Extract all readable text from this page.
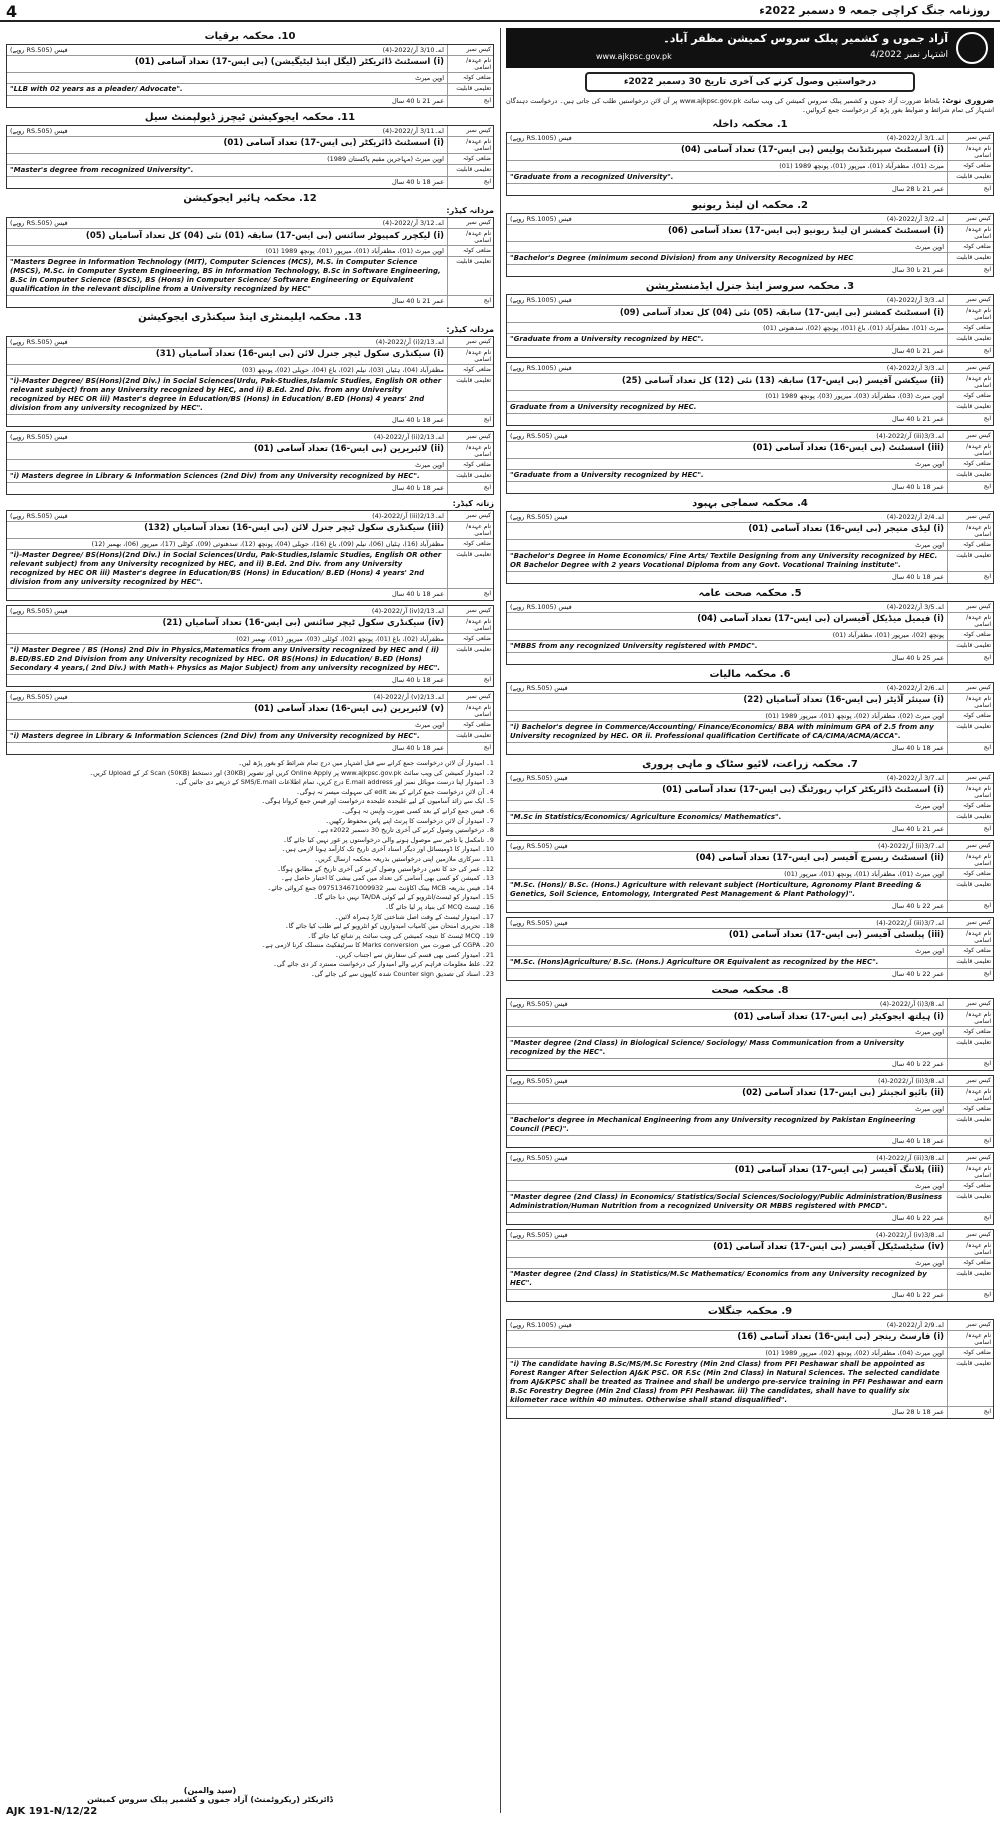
4	روزنامہ جنگ کراچی جمعہ 9 دسمبر 2022ء
آزاد جموں و کشمیر پبلک سروس کمیشن مظفر آباد۔
اشتہار نمبر 4/2022
www.ajkpsc.gov.pk
درخواستیں وصول کرنے کی آخری تاریخ 30 دسمبر 2022ء
ضروری نوٹ: بلحاظ ضرورت آزاد جموں و کشمیر پبلک سروس کمیشن کی ویب سائٹ www.ajkpsc.gov.pk پر آن لائن درخواستیں طلب کی جاتی ہیں۔ درخواست دہندگان اشتہار کی تمام شرائط و ضوابط بغور پڑھ کر درخواست جمع کروائیں۔
1. محکمہ داخلہ
کیس نمبر
اے۔3/1 آر/2022-(4)
فیس (RS.1005 روپے)
نام عہدہ/اسامی
(i) اسسٹنٹ سپرنٹنڈنٹ پولیس (بی ایس-17) تعداد آسامی (04)
ضلعی کوٹہ
میرٹ (01)، مظفرآباد (01)، میرپور (01)، پونچھ 1989 (01)
تعلیمی قابلیت
"Graduate from a recognized University".
ایج
عمر 21 تا 28 سال
2. محکمہ ان لینڈ ریونیو
کیس نمبر
اے۔3/2 آر/2022-(4)
فیس (RS.1005 روپے)
نام عہدہ/اسامی
(i) اسسٹنٹ کمشنر ان لینڈ ریونیو (بی ایس-17) تعداد آسامی (06)
ضلعی کوٹہ
اوپن میرٹ
تعلیمی قابلیت
"Bachelor's Degree (minimum second Division) from any University Recognized by HEC
ایج
عمر 21 تا 30 سال
3. محکمہ سروسز اینڈ جنرل ایڈمنسٹریشن
کیس نمبر
اے۔3/3 آر/2022-(4)
فیس (RS.1005 روپے)
نام عہدہ/اسامی
(i) اسسٹنٹ کمشنر (بی ایس-17) سابقہ (05) نئی (04) کل تعداد آسامی (09)
ضلعی کوٹہ
میرٹ (01)، مظفرآباد (01)، باغ (01)، پونچھ (02)، سدھنوتی (01)
تعلیمی قابلیت
"Graduate from a University recognized by HEC".
ایج
عمر 21 تا 40 سال
کیس نمبر
اے۔3/3 آر/2022-(4)
فیس (RS.1005 روپے)
نام عہدہ/اسامی
(ii) سیکشن آفیسر (بی ایس-17) سابقہ (13) نئی (12) کل تعداد آسامی (25)
ضلعی کوٹہ
اوپن میرٹ (03)، مظفرآباد (03)، میرپور (03)، پونچھ 1989 (01)
تعلیمی قابلیت
Graduate from a University recognized by HEC.
ایج
عمر 21 تا 40 سال
کیس نمبر
اے۔3/3(iii) آر/2022-(4)
فیس (RS.505 روپے)
نام عہدہ/اسامی
(iii) اسسٹنٹ (بی ایس-16) تعداد آسامی (01)
ضلعی کوٹہ
اوپن میرٹ
تعلیمی قابلیت
"Graduate from a University recognized by HEC".
ایج
عمر 18 تا 40 سال
4. محکمہ سماجی بہبود
کیس نمبر
اے۔2/4 آر/2022-(4)
فیس (RS.505 روپے)
نام عہدہ/اسامی
(i) لیڈی منیجر (بی ایس-16) تعداد آسامی (01)
ضلعی کوٹہ
اوپن میرٹ
تعلیمی قابلیت
"Bachelor's Degree in Home Economics/ Fine Arts/ Textile Designing from any University recognized by HEC. OR Bachelor Degree with 2 years Vocational Diploma from any Govt. Vocational Training institute".
ایج
عمر 18 تا 40 سال
5. محکمہ صحت عامہ
کیس نمبر
اے۔3/5 آر/2022-(4)
فیس (RS.1005 روپے)
نام عہدہ/اسامی
(i) فیمیل میڈیکل آفیسران (بی ایس-17) تعداد آسامی (04)
ضلعی کوٹہ
پونچھ (02)، میرپور (01)، مظفرآباد (01)
تعلیمی قابلیت
"MBBS from any recognized University registered with PMDC".
ایج
عمر 25 تا 40 سال
6. محکمہ مالیات
کیس نمبر
اے۔2/6 آر/2022-(4)
فیس (RS.505 روپے)
نام عہدہ/اسامی
(i) سینئر آڈیٹر (بی ایس-16) تعداد آسامیاں (22)
ضلعی کوٹہ
اوپن میرٹ (02)، مظفرآباد (02)، پونچھ (01)، میرپور 1989 (01)
تعلیمی قابلیت
"i) Bachelor's degree in Commerce/Accounting/ Finance/Economics/ BBA with minimum GPA of 2.5 from any University recognized by HEC. OR ii. Professional qualification Certificate of CA/CIMA/ACMA/ACCA".
ایج
عمر 18 تا 40 سال
7. محکمہ زراعت، لائیو سٹاک و ماہی پروری
کیس نمبر
اے۔3/7 آر/2022-(4)
فیس (RS.505 روپے)
نام عہدہ/اسامی
(i) اسسٹنٹ ڈائریکٹر کراپ رپورٹنگ (بی ایس-17) تعداد آسامی (01)
ضلعی کوٹہ
اوپن میرٹ
تعلیمی قابلیت
"M.Sc in Statistics/Economics/ Agriculture Economics/ Mathematics".
ایج
عمر 21 تا 40 سال
کیس نمبر
اے۔3/7(ii) آر/2022-(4)
فیس (RS.505 روپے)
نام عہدہ/اسامی
(ii) اسسٹنٹ ریسرچ آفیسر (بی ایس-17) تعداد آسامی (04)
ضلعی کوٹہ
اوپن میرٹ (01)، مظفرآباد (01)، پونچھ (01)، میرپور (01)
تعلیمی قابلیت
"M.Sc. (Hons)/ B.Sc. (Hons.) Agriculture with relevant subject (Horticulture, Agronomy Plant Breeding & Genetics, Soil Science, Entomology, Intergrated Pest Management & Plant Pathology)".
ایج
عمر 22 تا 40 سال
کیس نمبر
اے۔3/7(iii) آر/2022-(4)
فیس (RS.505 روپے)
نام عہدہ/اسامی
(iii) پبلسٹی آفیسر (بی ایس-17) تعداد آسامی (01)
ضلعی کوٹہ
اوپن میرٹ
تعلیمی قابلیت
"M.Sc. (Hons)Agriculture/ B.Sc. (Hons.) Agriculture OR Equivalent as recognized by the HEC".
ایج
عمر 22 تا 40 سال
8. محکمہ صحت
کیس نمبر
اے۔3/8(i) آر/2022-(4)
فیس (RS.505 روپے)
نام عہدہ/اسامی
(i) ہیلتھ ایجوکیٹر (بی ایس-17) تعداد آسامی (01)
ضلعی کوٹہ
اوپن میرٹ
تعلیمی قابلیت
"Master degree (2nd Class) in Biological Science/ Sociology/ Mass Communication from a University recognized by the HEC".
ایج
عمر 22 تا 40 سال
کیس نمبر
اے۔3/8(ii) آر/2022-(4)
فیس (RS.505 روپے)
نام عہدہ/اسامی
(ii) بائیو انجینئر (بی ایس-17) تعداد آسامی (02)
ضلعی کوٹہ
اوپن میرٹ
تعلیمی قابلیت
"Bachelor's degree in Mechanical Engineering from any University recognized by Pakistan Engineering Council (PEC)".
ایج
عمر 18 تا 40 سال
کیس نمبر
اے۔3/8(iii) آر/2022-(4)
فیس (RS.505 روپے)
نام عہدہ/اسامی
(iii) پلاننگ آفیسر (بی ایس-17) تعداد آسامی (01)
ضلعی کوٹہ
اوپن میرٹ
تعلیمی قابلیت
"Master degree (2nd Class) in Economics/ Statistics/Social Sciences/Sociology/Public Administration/Business Administration/Human Nutrition from a recognized University OR MBBS registered with PMCD".
ایج
عمر 22 تا 40 سال
کیس نمبر
اے۔3/8(iv) آر/2022-(4)
فیس (RS.505 روپے)
نام عہدہ/اسامی
(iv) سٹیٹسٹیکل آفیسر (بی ایس-17) تعداد آسامی (01)
ضلعی کوٹہ
اوپن میرٹ
تعلیمی قابلیت
"Master degree (2nd Class) in Statistics/M.Sc Mathematics/ Economics from any University recognized by HEC".
ایج
عمر 22 تا 40 سال
9. محکمہ جنگلات
کیس نمبر
اے۔2/9 آر/2022-(4)
فیس (RS.1005 روپے)
نام عہدہ/اسامی
(i) فارسٹ رینجر (بی ایس-16) تعداد آسامی (16)
ضلعی کوٹہ
اوپن میرٹ (04)، مظفرآباد (02)، پونچھ (02)، میرپور 1989 (01)
تعلیمی قابلیت
"i) The candidate having B.Sc/MS/M.Sc Forestry (Min 2nd Class) from PFI Peshawar shall be appointed as Forest Ranger After Selection AJ&K PSC. OR F.Sc (Min 2nd Class) in Natural Sciences. The selected candidate from AJ&KPSC shall be treated as Trainee and shall be undergo pre-service training in PFI Peshawar and earn B.Sc Forestry Degree (Min 2nd Class) from PFI Peshawar. iii) The candidates, shall have to qualify six kilometer race within 40 minutes. Otherwise shall stand disqualified".
ایج
عمر 18 تا 28 سال
10. محکمہ برقیات
کیس نمبر
اے۔3/10 آر/2022-(4)
فیس (RS.505 روپے)
نام عہدہ/اسامی
(i) اسسٹنٹ ڈائریکٹر (لیگل اینڈ لیٹیگیشن) (بی ایس-17) تعداد آسامی (01)
ضلعی کوٹہ
اوپن میرٹ
تعلیمی قابلیت
"LLB with 02 years as a pleader/ Advocate".
ایج
عمر 21 تا 40 سال
11. محکمہ ایجوکیشن ٹیچرز ڈیولپمنٹ سیل
کیس نمبر
اے۔3/11 آر/2022-(4)
فیس (RS.505 روپے)
نام عہدہ/اسامی
(i) اسسٹنٹ ڈائریکٹر (بی ایس-17) تعداد آسامی (01)
ضلعی کوٹہ
اوپن میرٹ (مہاجرین مقیم پاکستان 1989)
تعلیمی قابلیت
"Master's degree from recognized University".
ایج
عمر 18 تا 40 سال
12. محکمہ ہائیر ایجوکیشن
مردانہ کیڈر:
کیس نمبر
اے۔3/12 آر/2022-(4)
فیس (RS.505 روپے)
نام عہدہ/اسامی
(i) لیکچرر کمپیوٹر سائنس (بی ایس-17) سابقہ (01) نئی (04) کل تعداد آسامیاں (05)
ضلعی کوٹہ
اوپن میرٹ (01)، مظفرآباد (01)، میرپور (01)، پونچھ 1989 (01)
تعلیمی قابلیت
"Masters Degree in Information Technology (MIT), Computer Sciences (MCS), M.S. in Computer Science (MSCS), M.Sc. in Computer System Engineering, BS in Information Technology, B.Sc in Software Engineering, B.Sc in Computer Science (BSCS), BS (Hons) in Computer Science/ Software Engineering or Equivalent qualification in the relevant discipline from a University recognized by HEC"
ایج
عمر 21 تا 40 سال
13. محکمہ ایلیمنٹری اینڈ سیکنڈری ایجوکیشن
مردانہ کیڈر:
کیس نمبر
اے۔2/13(i) آر/2022-(4)
فیس (RS.505 روپے)
نام عہدہ/اسامی
(i) سیکنڈری سکول ٹیچر جنرل لائن (بی ایس-16) تعداد آسامیاں (31)
ضلعی کوٹہ
مظفرآباد (04)، ہٹیاں (03)، نیلم (02)، باغ (04)، حویلی (02)، پونچھ (03)
تعلیمی قابلیت
"i)-Master Degree/ BS(Hons)(2nd Div.) in Social Sciences(Urdu, Pak-Studies,Islamic Studies, English OR other relevant subject) from any University recognized by HEC, and ii) B.Ed. 2nd Div. from any University recognized by HEC OR iii) Master's degree in Education/BS (Hons) in Education/ B.ED (Hons) 4 years' 2nd division from any university recognized by HEC".
ایج
عمر 18 تا 40 سال
کیس نمبر
اے۔2/13(ii) آر/2022-(4)
فیس (RS.505 روپے)
نام عہدہ/اسامی
(ii) لائبریرین (بی ایس-16) تعداد آسامی (01)
ضلعی کوٹہ
اوپن میرٹ
تعلیمی قابلیت
"i) Masters degree in Library & Information Sciences (2nd Div) from any University recognized by HEC".
ایج
عمر 18 تا 40 سال
زنانہ کیڈر:
کیس نمبر
اے۔2/13(iii) آر/2022-(4)
فیس (RS.505 روپے)
نام عہدہ/اسامی
(iii) سیکنڈری سکول ٹیچر جنرل لائن (بی ایس-16) تعداد آسامیاں (132)
ضلعی کوٹہ
مظفرآباد (16)، ہٹیاں (06)، نیلم (09)، باغ (16)، حویلی (04)، پونچھ (12)، سدھنوتی (09)، کوٹلی (17)، میرپور (06)، بھمبر (12)
تعلیمی قابلیت
"i)-Master Degree/ BS(Hons)(2nd Div.) in Social Sciences(Urdu, Pak-Studies,Islamic Studies, English OR other relevant subject) from any University recognized by HEC, and ii) B.Ed. 2nd Div. from any University recognized by HEC OR iii) Master's degree in Education/BS (Hons) in Education/ B.ED (Hons) 4 years' 2nd division from any university recognized by HEC".
ایج
عمر 18 تا 40 سال
کیس نمبر
اے۔2/13(iv) آر/2022-(4)
فیس (RS.505 روپے)
نام عہدہ/اسامی
(iv) سیکنڈری سکول ٹیچر سائنس (بی ایس-16) تعداد آسامیاں (21)
ضلعی کوٹہ
مظفرآباد (02)، باغ (01)، پونچھ (02)، کوٹلی (03)، میرپور (01)، بھمبر (02)
تعلیمی قابلیت
"i) Master Degree / BS (Hons) 2nd Div in Physics,Matematics from any University recognized by HEC and ( ii) B.ED/BS.ED 2nd Division from any University recognized by HEC. OR BS(Hons) in Education/ B.ED (Hons) Secondary 4 years,( 2nd Div.) with Math+ Physics as Major Subject) from any university recognized by HEC".
ایج
عمر 18 تا 40 سال
کیس نمبر
اے۔2/13(v) آر/2022-(4)
فیس (RS.505 روپے)
نام عہدہ/اسامی
(v) لائبریرین (بی ایس-16) تعداد آسامی (01)
ضلعی کوٹہ
اوپن میرٹ
تعلیمی قابلیت
"i) Masters degree in Library & Information Sciences (2nd Div) from any University recognized by HEC".
ایج
عمر 18 تا 40 سال
1۔ امیدوار آن لائن درخواست جمع کرانے سے قبل اشتہار میں درج تمام شرائط کو بغور پڑھ لیں۔
2۔ امیدوار کمیشن کی ویب سائٹ www.ajkpsc.gov.pk پر Online Apply کریں اور تصویر (30KB) اور دستخط (50KB) Scan کر کے Upload کریں۔
3۔ امیدوار اپنا درست موبائل نمبر اور E.mail address درج کریں، تمام اطلاعات SMS/E.mail کے ذریعے دی جائیں گی۔
4۔ آن لائن درخواست جمع کرانے کے بعد edit کی سہولت میسر نہ ہوگی۔
5۔ ایک سے زائد آسامیوں کے لیے علیحدہ علیحدہ درخواست اور فیس جمع کروانا ہوگی۔
6۔ فیس جمع کرانے کے بعد کسی صورت واپس نہ ہوگی۔
7۔ امیدوار آن لائن درخواست کا پرنٹ اپنے پاس محفوظ رکھیں۔
8۔ درخواستیں وصول کرنے کی آخری تاریخ 30 دسمبر 2022ء ہے۔
9۔ نامکمل یا تاخیر سے موصول ہونے والی درخواستوں پر غور نہیں کیا جائے گا۔
10۔ امیدوار کا ڈومیسائل اور دیگر اسناد آخری تاریخ تک کارآمد ہونا لازمی ہیں۔
11۔ سرکاری ملازمین اپنی درخواستیں بذریعہ محکمہ ارسال کریں۔
12۔ عمر کی حد کا تعین درخواستیں وصول کرنے کی آخری تاریخ کے مطابق ہوگا۔
13۔ کمیشن کو کسی بھی آسامی کی تعداد میں کمی بیشی کا اختیار حاصل ہے۔
14۔ فیس بذریعہ MCB بینک اکاؤنٹ نمبر 0975134671009932 جمع کروائی جائے۔
15۔ امیدوار کو ٹیسٹ/انٹرویو کے لیے کوئی TA/DA نہیں دیا جائے گا۔
16۔ ٹیسٹ MCQ کی بنیاد پر لیا جائے گا۔
17۔ امیدوار ٹیسٹ کے وقت اصل شناختی کارڈ ہمراہ لائیں۔
18۔ تحریری امتحان میں کامیاب امیدواروں کو انٹرویو کے لیے طلب کیا جائے گا۔
19۔ MCQ ٹیسٹ کا نتیجہ کمیشن کی ویب سائٹ پر شائع کیا جائے گا۔
20۔ CGPA کی صورت میں Marks conversion کا سرٹیفکیٹ منسلک کرنا لازمی ہے۔
21۔ امیدوار کسی بھی قسم کی سفارش سے اجتناب کریں۔
22۔ غلط معلومات فراہم کرنے والے امیدوار کی درخواست مسترد کر دی جائے گی۔
23۔ اسناد کی تصدیق Counter sign شدہ کاپیوں سے کی جائے گی۔
(سید والمین)
ڈائریکٹر (ریکروٹمنٹ) آزاد جموں و کشمیر پبلک سروس کمیشن
AJK 191-N/12/22
